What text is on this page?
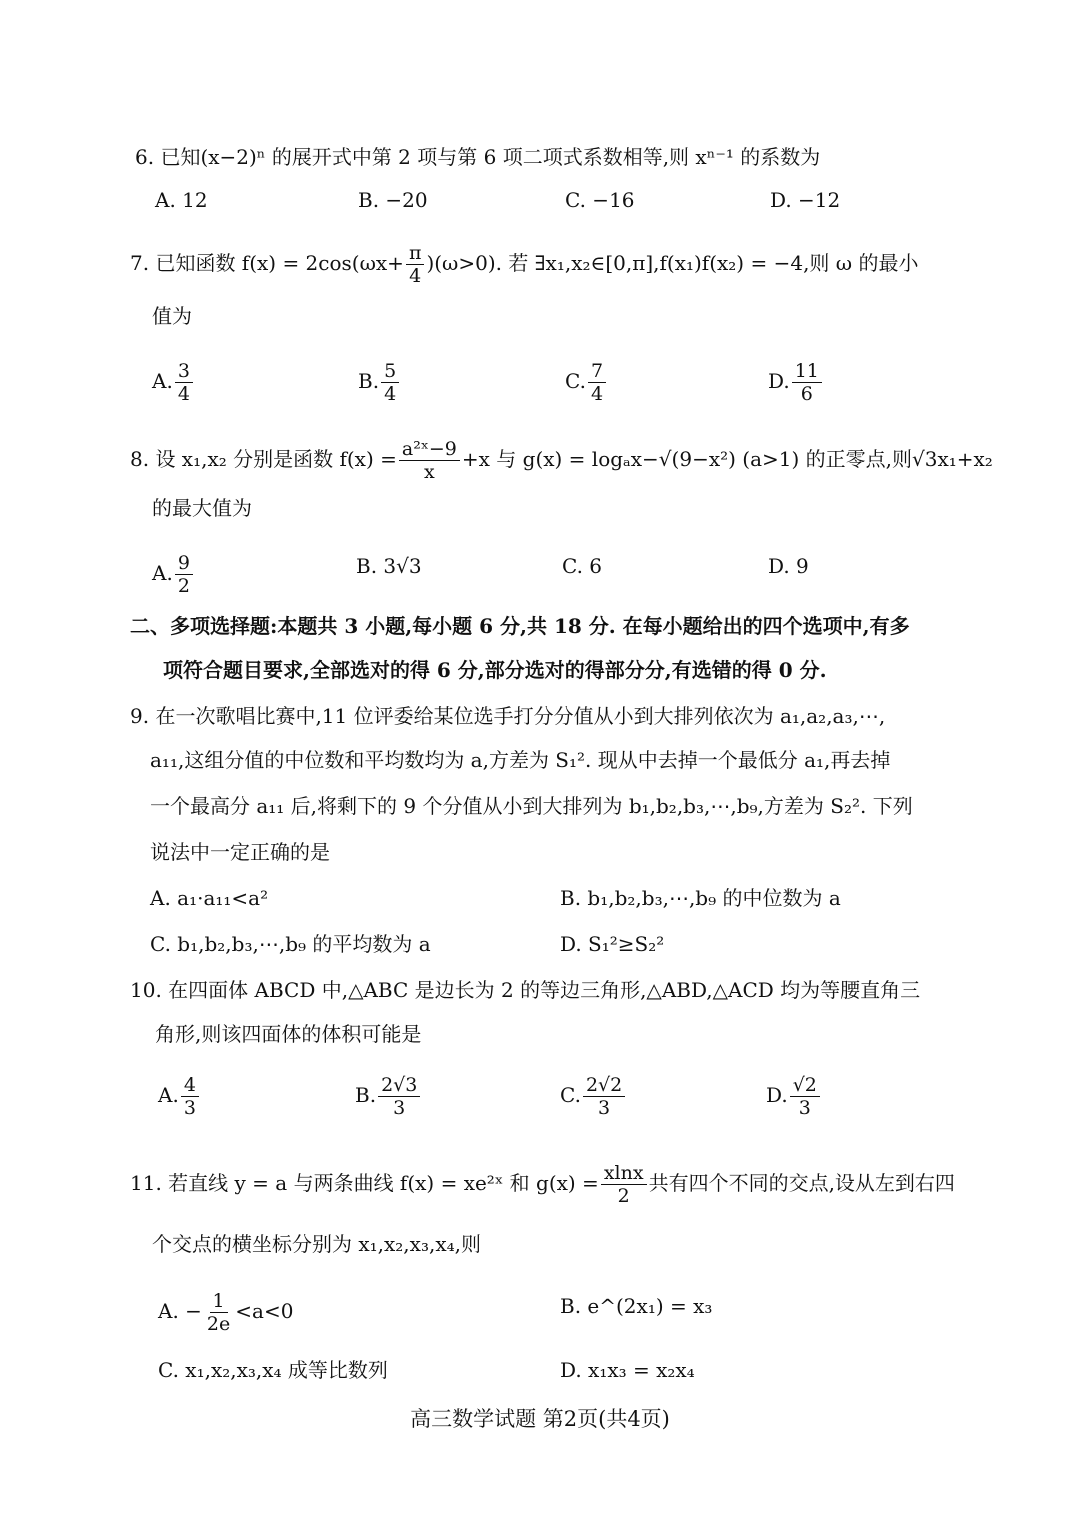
6. 已知(x−2)ⁿ 的展开式中第 2 项与第 6 项二项式系数相等,则 xⁿ⁻¹ 的系数为
A. 12	B. −20	C. −16	D. −12
7. 已知函数 $f(x) = 2\cos(\omega x+ \frac{\pi}{4} )(\omega>0)$. 若 ∃x₁,x₂∈[0,π],f(x₁)f(x₂) = −4,则 ω 的最小
值为
A. $\frac{3}{4}$	B. $\frac{5}{4}$	C. $\frac{7}{4}$	D. $\frac{11}{6}$
8. 设 x₁,x₂ 分别是函数 $f(x) = \frac{\text{a²ˣ−9}}{x} +x$ 与 g(x) = logₐx−√(9−x²) (a>1) 的正零点,则√3x₁+x₂
的最大值为
A. $\frac{9}{2}$	B. 3√3	C. 6	D. 9
二、多项选择题:本题共 3 小题,每小题 6 分,共 18 分. 在每小题给出的四个选项中,有多
项符合题目要求,全部选对的得 6 分,部分选对的得部分分,有选错的得 0 分.
9. 在一次歌唱比赛中,11 位评委给某位选手打分分值从小到大排列依次为 a₁,a₂,a₃,⋯,
a₁₁,这组分值的中位数和平均数均为 a,方差为 S₁². 现从中去掉一个最低分 a₁,再去掉
一个最高分 a₁₁ 后,将剩下的 9 个分值从小到大排列为 b₁,b₂,b₃,⋯,b₉,方差为 S₂². 下列
说法中一定正确的是
A. a₁·a₁₁<a²	B. b₁,b₂,b₃,⋯,b₉ 的中位数为 a
C. b₁,b₂,b₃,⋯,b₉ 的平均数为 a	D. S₁²≥S₂²
10. 在四面体 ABCD 中,△ABC 是边长为 2 的等边三角形,△ABD,△ACD 均为等腰直角三
角形,则该四面体的体积可能是
A. $\frac{4}{3}$	B. $\frac{2√3}{3}$	C. $\frac{2√2}{3}$	D. $\frac{√2}{3}$
11. 若直线 y = a 与两条曲线 f(x) = xe²ˣ 和 $g(x) = \frac{xlnx}{2}$ 共有四个不同的交点,设从左到右四
个交点的横坐标分别为 x₁,x₂,x₃,x₄,则
A. − $\frac{1}{2e} <a<0$	B. e^(2x₁) = x₃
C. x₁,x₂,x₃,x₄ 成等比数列	D. x₁x₃ = x₂x₄
高三数学试题 第2页(共4页)
